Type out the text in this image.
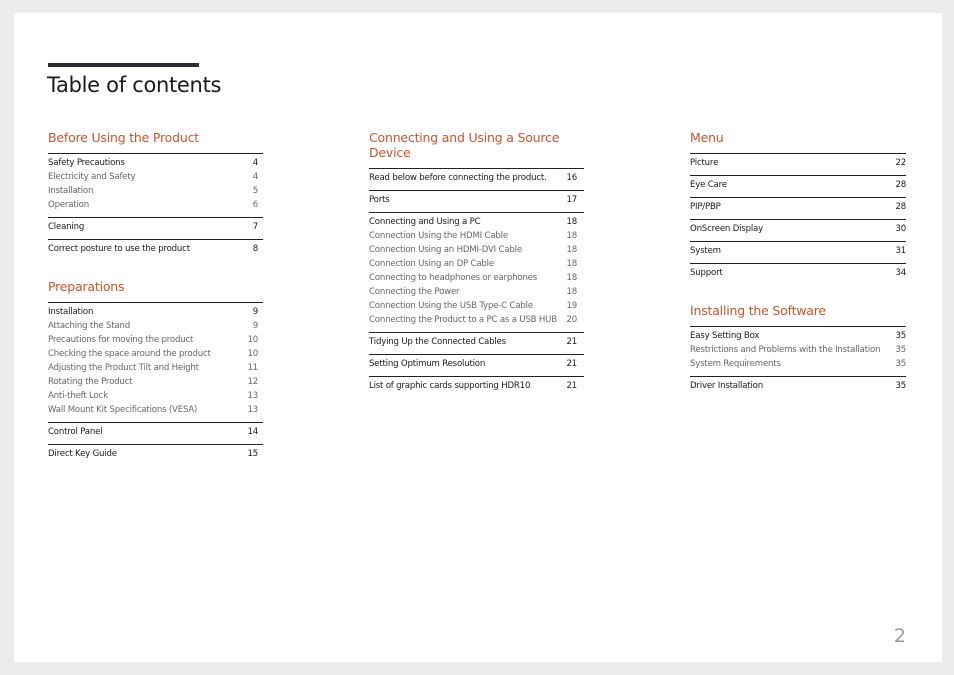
Table of contents
Before Using the Product
Safety Precautions	4
Electricity and Safety	4
Installation	5
Operation	6
Cleaning	7
Correct posture to use the product	8
Preparations
Installation	9
Attaching the Stand	9
Precautions for moving the product	10
Checking the space around the product	10
Adjusting the Product Tilt and Height	11
Rotating the Product	12
Anti-theft Lock	13
Wall Mount Kit Specifications (VESA)	13
Control Panel	14
Direct Key Guide	15
Connecting and Using a Source Device
Read below before connecting the product.	16
Ports	17
Connecting and Using a PC	18
Connection Using the HDMI Cable	18
Connection Using an HDMI-DVI Cable	18
Connection Using an DP Cable	18
Connecting to headphones or earphones	18
Connecting the Power	18
Connection Using the USB Type-C Cable	19
Connecting the Product to a PC as a USB HUB	20
Tidying Up the Connected Cables	21
Setting Optimum Resolution	21
List of graphic cards supporting HDR10	21
Menu
Picture	22
Eye Care	28
PIP/PBP	28
OnScreen Display	30
System	31
Support	34
Installing the Software
Easy Setting Box	35
Restrictions and Problems with the Installation	35
System Requirements	35
Driver Installation	35
2
